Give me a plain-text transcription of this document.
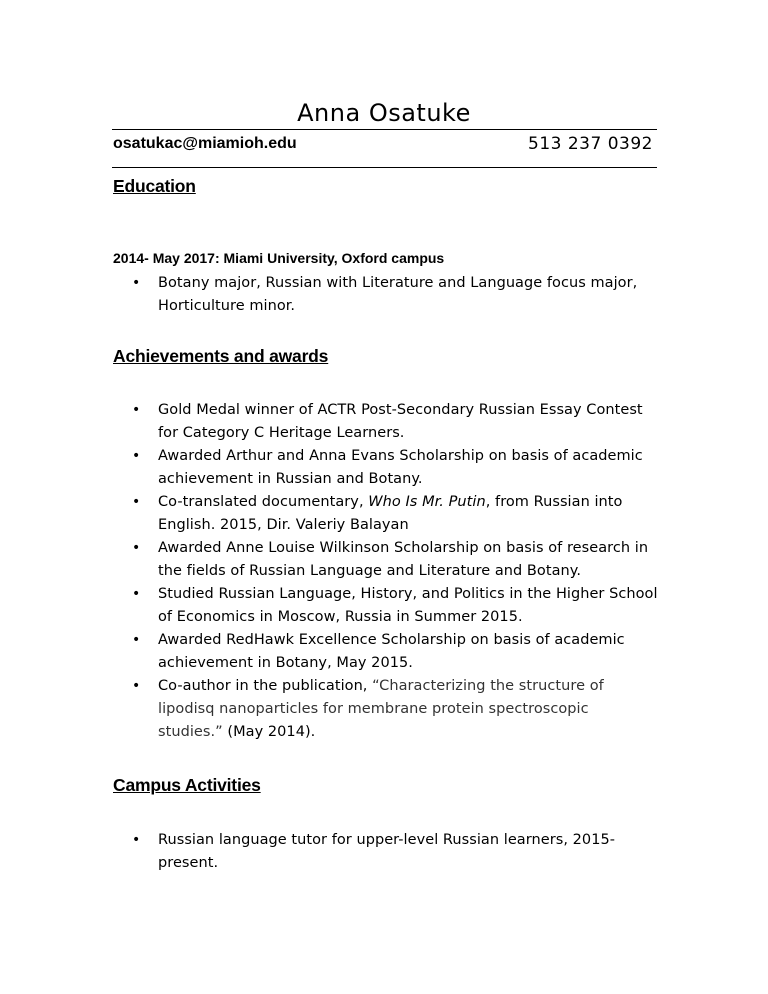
Anna Osatuke
osatukac@miamioh.edu	513 237 0392
Education
2014- May 2017: Miami University, Oxford campus
• Botany major, Russian with Literature and Language focus major, Horticulture minor.
Achievements and awards
• Gold Medal winner of ACTR Post-Secondary Russian Essay Contest for Category C Heritage Learners.
• Awarded Arthur and Anna Evans Scholarship on basis of academic achievement in Russian and Botany.
• Co-translated documentary, Who Is Mr. Putin, from Russian into English. 2015, Dir. Valeriy Balayan
• Awarded Anne Louise Wilkinson Scholarship on basis of research in the fields of Russian Language and Literature and Botany.
• Studied Russian Language, History, and Politics in the Higher School of Economics in Moscow, Russia in Summer 2015.
• Awarded RedHawk Excellence Scholarship on basis of academic achievement in Botany, May 2015.
• Co-author in the publication, “Characterizing the structure of lipodisq nanoparticles for membrane protein spectroscopic studies.” (May 2014).
Campus Activities
• Russian language tutor for upper-level Russian learners, 2015-present.
